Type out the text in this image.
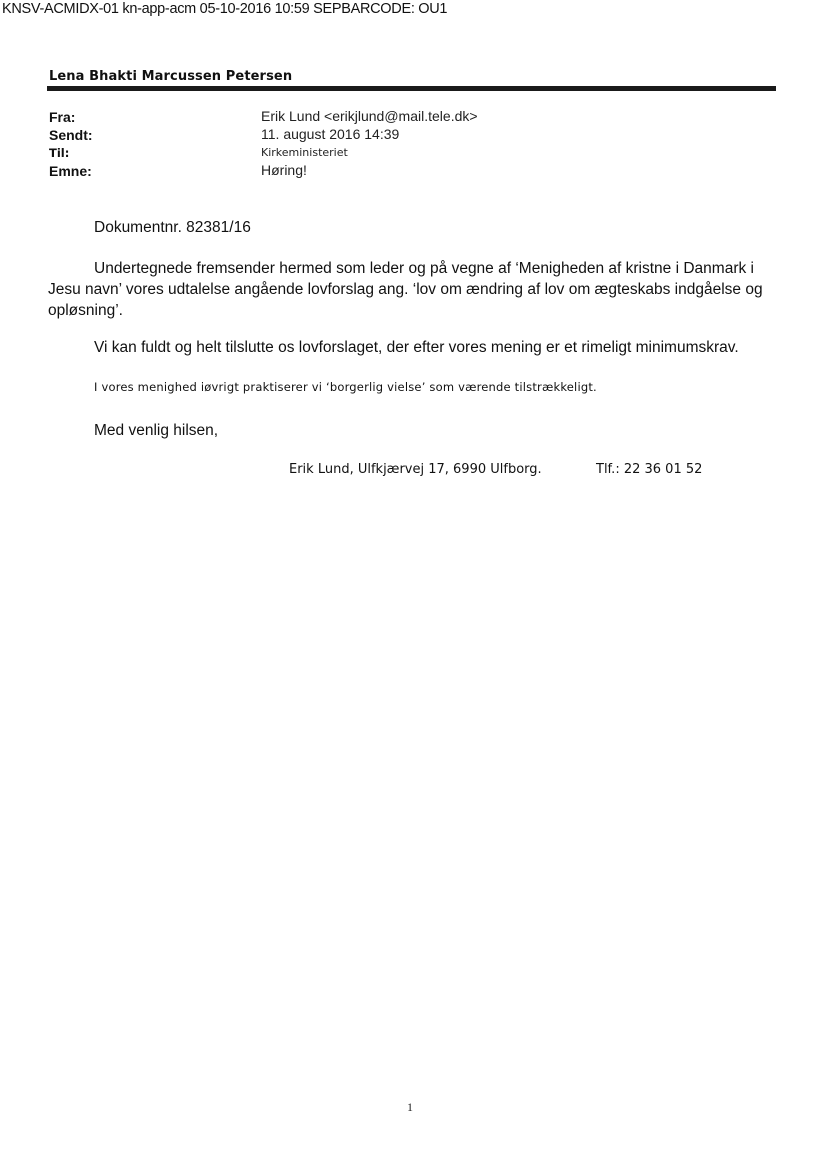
KNSV-ACMIDX-01 kn-app-acm 05-10-2016 10:59 SEPBARCODE: OU1
Lena Bhakti Marcussen Petersen
Fra:	Erik Lund <erikjlund@mail.tele.dk>
Sendt:	11. august 2016 14:39
Til:	Kirkeministeriet
Emne:	Høring!
Dokumentnr. 82381/16
Undertegnede fremsender hermed som leder og på vegne af ‘Menigheden af kristne i Danmark i Jesu navn’ vores udtalelse angående lovforslag ang. ‘lov om ændring af lov om ægteskabs indgåelse og opløsning’.
Vi kan fuldt og helt tilslutte os lovforslaget, der efter vores mening er et rimeligt minimumskrav.
I vores menighed iøvrigt praktiserer vi ‘borgerlig vielse’ som værende tilstrækkeligt.
Med venlig hilsen,
Erik Lund, Ulfkjærvej 17, 6990 Ulfborg.	Tlf.: 22 36 01 52
1
